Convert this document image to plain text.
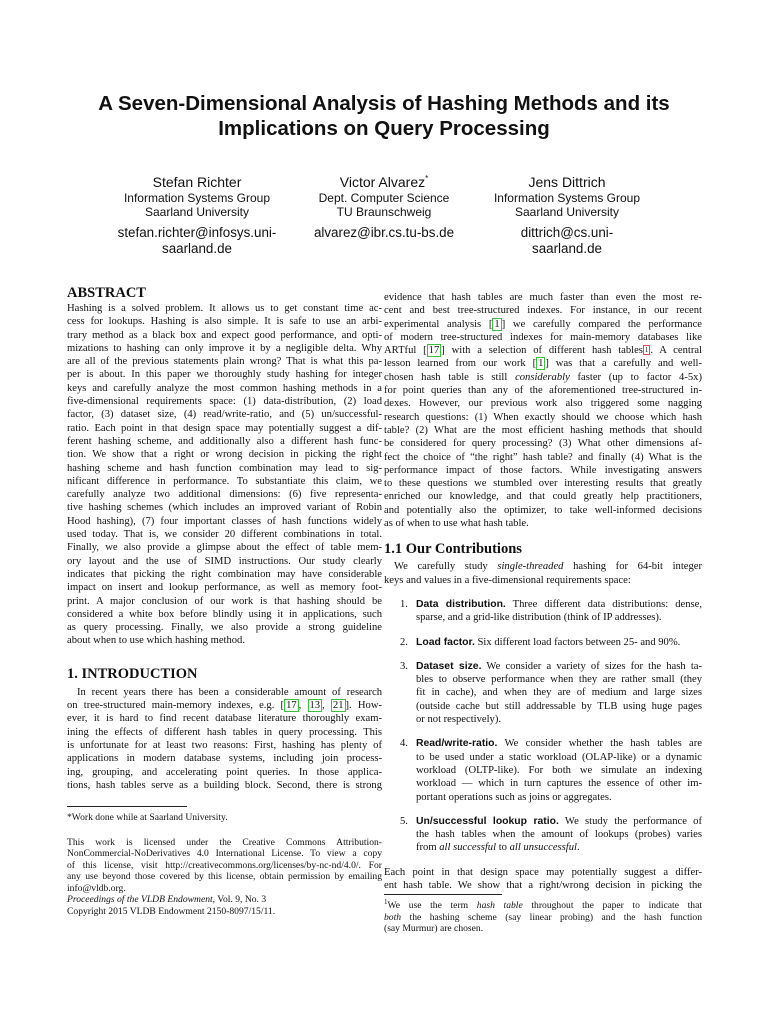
A Seven-Dimensional Analysis of Hashing Methods and its
Implications on Query Processing
Stefan Richter
Information Systems Group
Saarland University
stefan.richter@infosys.uni-
saarland.de
Victor Alvarez*
Dept. Computer Science
TU Braunschweig
alvarez@ibr.cs.tu-bs.de
Jens Dittrich
Information Systems Group
Saarland University
dittrich@cs.uni-
saarland.de
ABSTRACT

Hashing is a solved problem. It allows us to get constant time ac-
cess for lookups. Hashing is also simple. It is safe to use an arbi-
trary method as a black box and expect good performance, and opti-
mizations to hashing can only improve it by a negligible delta. Why
are all of the previous statements plain wrong? That is what this pa-
per is about. In this paper we thoroughly study hashing for integer
keys and carefully analyze the most common hashing methods in a
five-dimensional requirements space: (1) data-distribution, (2) load
factor, (3) dataset size, (4) read/write-ratio, and (5) un/successful-
ratio. Each point in that design space may potentially suggest a dif-
ferent hashing scheme, and additionally also a different hash func-
tion. We show that a right or wrong decision in picking the right
hashing scheme and hash function combination may lead to sig-
nificant difference in performance. To substantiate this claim, we
carefully analyze two additional dimensions: (6) five representa-
tive hashing schemes (which includes an improved variant of Robin
Hood hashing), (7) four important classes of hash functions widely
used today. That is, we consider 20 different combinations in total.
Finally, we also provide a glimpse about the effect of table mem-
ory layout and the use of SIMD instructions. Our study clearly
indicates that picking the right combination may have considerable
impact on insert and lookup performance, as well as memory foot-
print. A major conclusion of our work is that hashing should be
considered a white box before blindly using it in applications, such
as query processing. Finally, we also provide a strong guideline
about when to use which hashing method.

1. INTRODUCTION

In recent years there has been a considerable amount of research
on tree-structured main-memory indexes, e.g. [ 17 , 13 , 21 ]. How-
ever, it is hard to find recent database literature thoroughly exam-
ining the effects of different hash tables in query processing. This
is unfortunate for at least two reasons: First, hashing has plenty of
applications in modern database systems, including join process-
ing, grouping, and accelerating point queries. In those applica-
tions, hash tables serve as a building block. Second, there is strong

*Work done while at Saarland University.
This work is licensed under the Creative Commons Attribution-
NonCommercial-NoDerivatives 4.0 International License. To view a copy
of this license, visit http://creativecommons.org/licenses/by-nc-nd/4.0/. For
any use beyond those covered by this license, obtain permission by emailing
info@vldb.org.
Proceedings of the VLDB Endowment, Vol. 9, No. 3
Copyright 2015 VLDB Endowment 2150-8097/15/11.

evidence that hash tables are much faster than even the most re-
cent and best tree-structured indexes. For instance, in our recent
experimental analysis [ 1 ] we carefully compared the performance
of modern tree-structured indexes for main-memory databases like
ARTful [ 17 ] with a selection of different hash tables $^1$ . A central
lesson learned from our work [ 1 ] was that a carefully and well-
chosen hash table is still considerably faster (up to factor 4-5x)
for point queries than any of the aforementioned tree-structured in-
dexes. However, our previous work also triggered some nagging
research questions: (1) When exactly should we choose which hash
table? (2) What are the most efficient hashing methods that should
be considered for query processing? (3) What other dimensions af-
fect the choice of “the right” hash table? and finally (4) What is the
performance impact of those factors. While investigating answers
to these questions we stumbled over interesting results that greatly
enriched our knowledge, and that could greatly help practitioners,
and potentially also the optimizer, to take well-informed decisions
as of when to use what hash table.

1.1 Our Contributions

We carefully study single-threaded hashing for 64-bit integer
keys and values in a five-dimensional requirements space:

1. Data distribution. Three different data distributions: dense,
sparse, and a grid-like distribution (think of IP addresses).
2. Load factor. Six different load factors between 25- and 90%.
3. Dataset size. We consider a variety of sizes for the hash ta-
bles to observe performance when they are rather small (they
fit in cache), and when they are of medium and large sizes
(outside cache but still addressable by TLB using huge pages
or not respectively).
4. Read/write-ratio. We consider whether the hash tables are
to be used under a static workload (OLAP-like) or a dynamic
workload (OLTP-like). For both we simulate an indexing
workload — which in turn captures the essence of other im-
portant operations such as joins or aggregates.
5. Un/successful lookup ratio. We study the performance of
the hash tables when the amount of lookups (probes) varies
from all successful to all unsuccessful.

Each point in that design space may potentially suggest a differ-
ent hash table. We show that a right/wrong decision in picking the

$^1$We use the term hash table throughout the paper to indicate that
both the hashing scheme (say linear probing) and the hash function
(say Murmur) are chosen.
